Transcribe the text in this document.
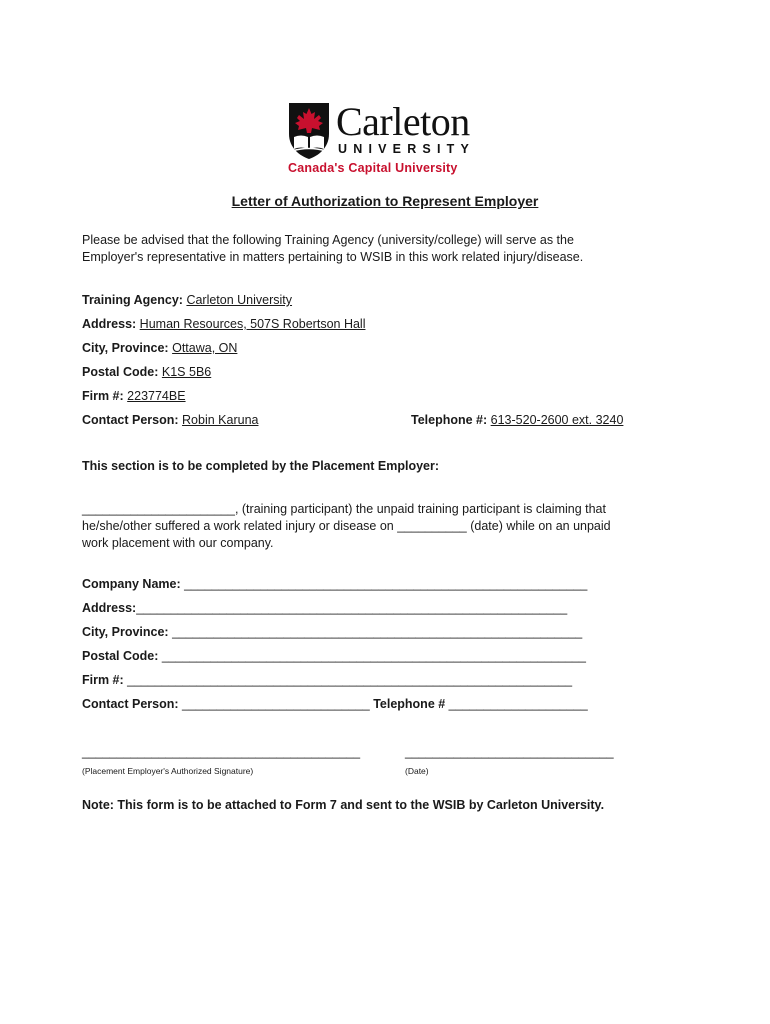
Carleton
UNIVERSITY
Canada's Capital University
Letter of Authorization to Represent Employer
Please be advised that the following Training Agency (university/college) will serve as the
Employer's representative in matters pertaining to WSIB in this work related injury/disease.
Training Agency: Carleton University
Address: Human Resources, 507S Robertson Hall
City, Province: Ottawa, ON
Postal Code: K1S 5B6
Firm #: 223774BE
Contact Person: Robin Karuna	Telephone #: 613-520-2600 ext. 3240
This section is to be completed by the Placement Employer:
______________________, (training participant) the unpaid training participant is claiming that
he/she/other suffered a work related injury or disease on __________ (date) while on an unpaid
work placement with our company.
Company Name: __________________________________________________________
Address:______________________________________________________________
City, Province: ___________________________________________________________
Postal Code: _____________________________________________________________
Firm #: ________________________________________________________________
Contact Person: ___________________________ Telephone # ____________________
________________________________________	______________________________
(Placement Employer's Authorized Signature)	(Date)
Note: This form is to be attached to Form 7 and sent to the WSIB by Carleton University.
